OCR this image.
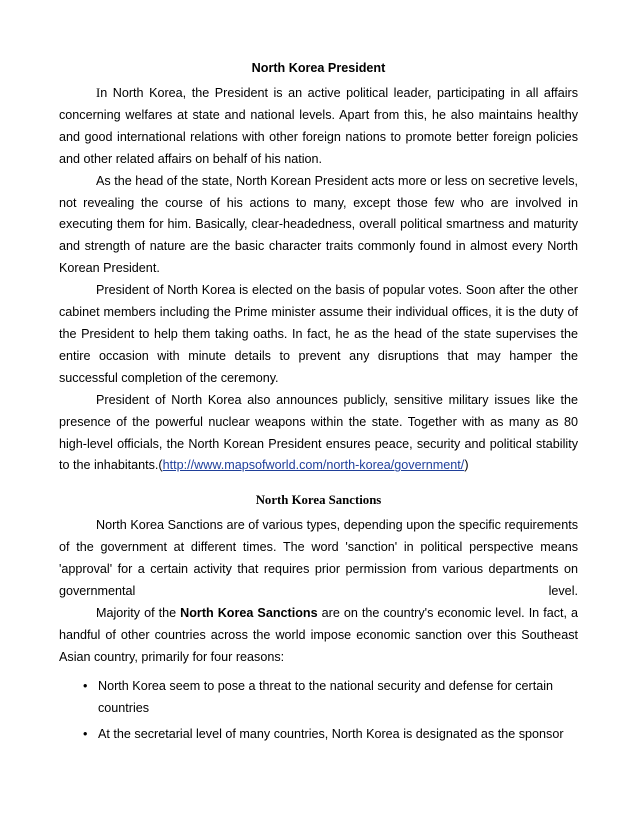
North Korea President

In North Korea, the President is an active political leader, participating in all affairs concerning welfares at state and national levels. Apart from this, he also maintains healthy and good international relations with other foreign nations to promote better foreign policies and other related affairs on behalf of his nation.

As the head of the state, North Korean President acts more or less on secretive levels, not revealing the course of his actions to many, except those few who are involved in executing them for him. Basically, clear-headedness, overall political smartness and maturity and strength of nature are the basic character traits commonly found in almost every North Korean President.

President of North Korea is elected on the basis of popular votes. Soon after the other cabinet members including the Prime minister assume their individual offices, it is the duty of the President to help them taking oaths. In fact, he as the head of the state supervises the entire occasion with minute details to prevent any disruptions that may hamper the successful completion of the ceremony.

President of North Korea also announces publicly, sensitive military issues like the presence of the powerful nuclear weapons within the state. Together with as many as 80 high-level officials, the North Korean President ensures peace, security and political stability to the inhabitants.(http://www.mapsofworld.com/north-korea/government/)

North Korea Sanctions

North Korea Sanctions are of various types, depending upon the specific requirements of the government at different times. The word 'sanction' in political perspective means 'approval' for a certain activity that requires prior permission from various departments on governmental level.

Majority of the North Korea Sanctions are on the country's economic level. In fact, a handful of other countries across the world impose economic sanction over this Southeast Asian country, primarily for four reasons:

• North Korea seem to pose a threat to the national security and defense for certain countries
• At the secretarial level of many countries, North Korea is designated as the sponsor
